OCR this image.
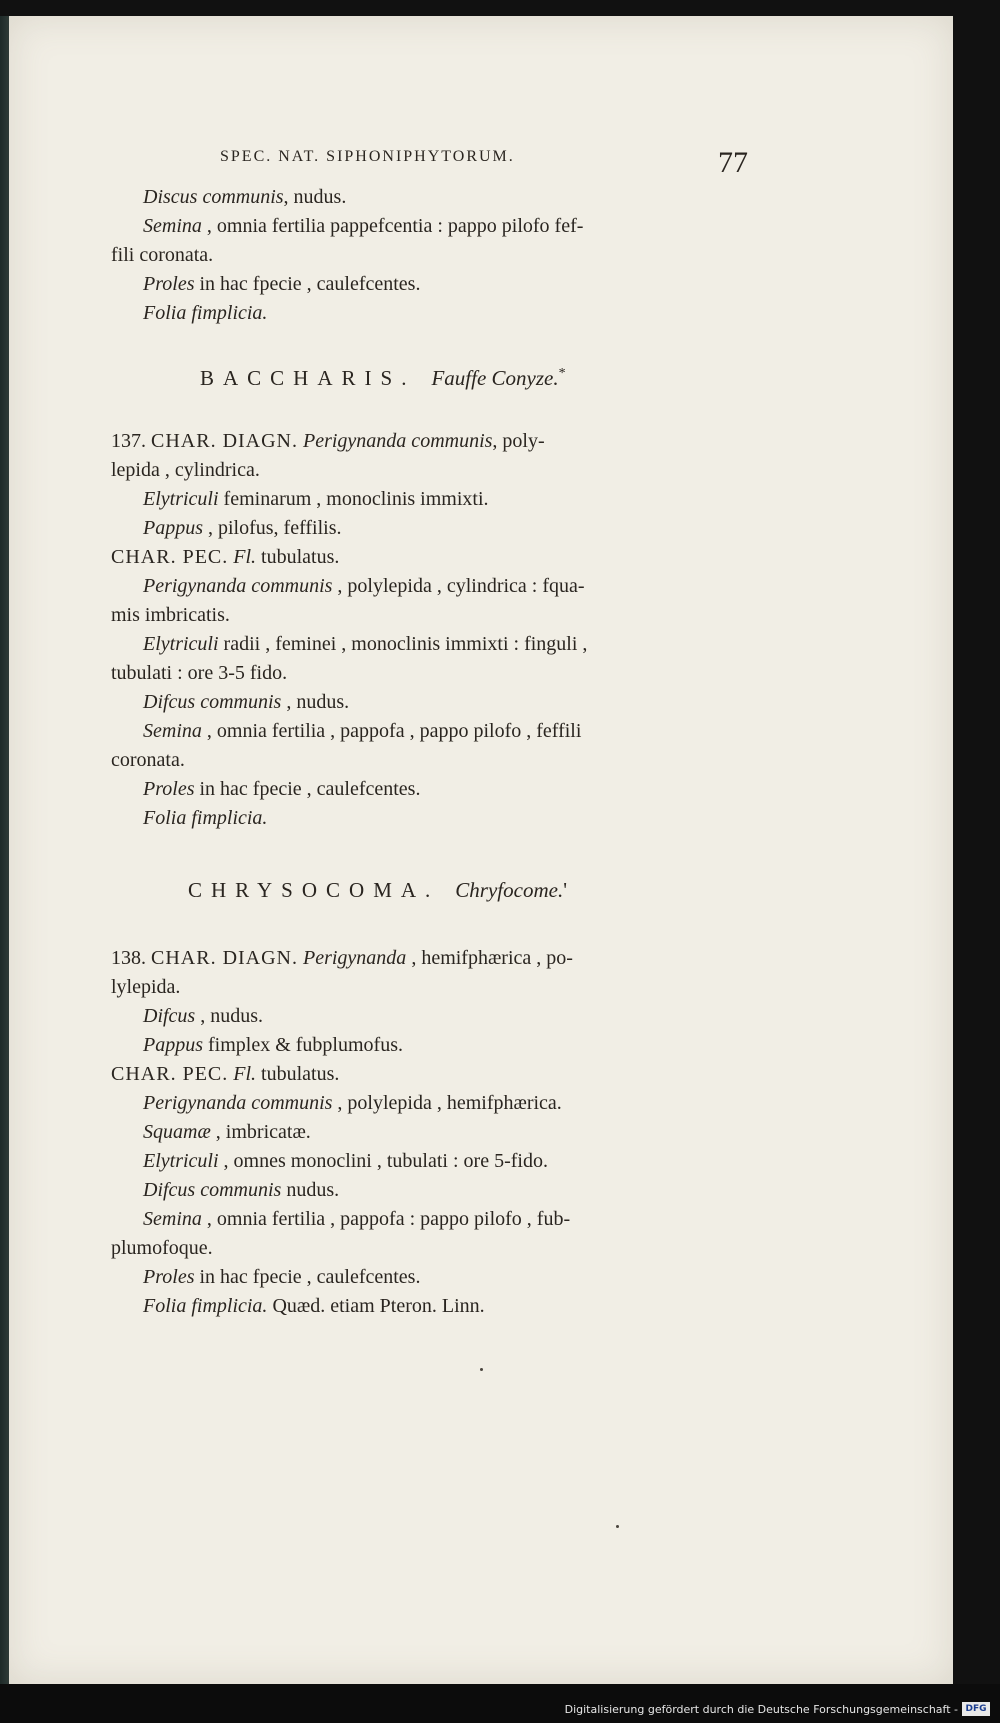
SPEC. NAT. SIPHONIPHYTORUM.	77
Discus communis, nudus.
Semina , omnia fertilia pappefcentia : pappo pilofo fef-
fili coronata.
Proles in hac fpecie , caulefcentes.
Folia fimplicia.
BACCHARIS. Fauffe Conyze.*
137. CHAR. DIAGN. Perigynanda communis, poly-
lepida , cylindrica.
Elytriculi feminarum , monoclinis immixti.
Pappus , pilofus, feffilis.
CHAR. PEC. Fl. tubulatus.
Perigynanda communis , polylepida , cylindrica : fqua-
mis imbricatis.
Elytriculi radii , feminei , monoclinis immixti : finguli ,
tubulati : ore 3-5 fido.
Difcus communis , nudus.
Semina , omnia fertilia , pappofa , pappo pilofo , feffili
coronata.
Proles in hac fpecie , caulefcentes.
Folia fimplicia.
CHRYSOCOMA. Chryfocome.'
138. CHAR. DIAGN. Perigynanda , hemifphærica , po-
lylepida.
Difcus , nudus.
Pappus fimplex & fubplumofus.
CHAR. PEC. Fl. tubulatus.
Perigynanda communis , polylepida , hemifphærica.
Squamæ , imbricatæ.
Elytriculi , omnes monoclini , tubulati : ore 5-fido.
Difcus communis nudus.
Semina , omnia fertilia , pappofa : pappo pilofo , fub-
plumofoque.
Proles in hac fpecie , caulefcentes.
Folia fimplicia. Quæd. etiam Pteron. Linn.
Digitalisierung gefördert durch die Deutsche Forschungsgemeinschaft - DFG
